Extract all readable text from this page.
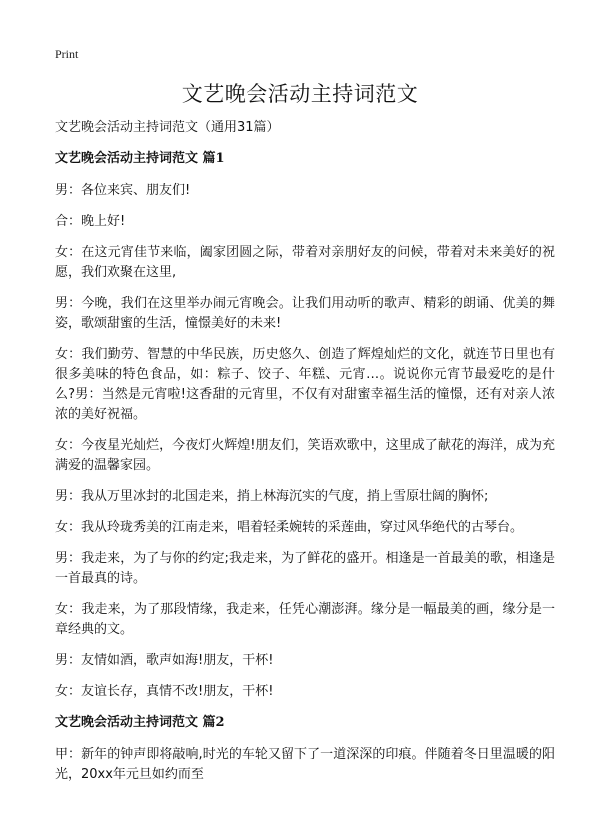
Print
文艺晚会活动主持词范文

文艺晚会活动主持词范文（通用31篇）

文艺晚会活动主持词范文 篇1

男：各位来宾、朋友们!

合：晚上好!

女：在这元宵佳节来临，阖家团圆之际，带着对亲朋好友的问候，带着对未来美好的祝愿，我们欢聚在这里,

男：今晚，我们在这里举办闹元宵晚会。让我们用动听的歌声、精彩的朗诵、优美的舞姿，歌颂甜蜜的生活，憧憬美好的未来!

女：我们勤劳、智慧的中华民族，历史悠久、创造了辉煌灿烂的文化，就连节日里也有很多美味的特色食品，如：粽子、饺子、年糕、元宵…。说说你元宵节最爱吃的是什么?男：当然是元宵啦!这香甜的元宵里，不仅有对甜蜜幸福生活的憧憬，还有对亲人浓浓的美好祝福。

女：今夜星光灿烂，今夜灯火辉煌!朋友们，笑语欢歌中，这里成了献花的海洋，成为充满爱的温馨家园。

男：我从万里冰封的北国走来，捎上林海沉实的气度，捎上雪原壮阔的胸怀;

女：我从玲珑秀美的江南走来，唱着轻柔婉转的采莲曲，穿过风华绝代的古琴台。

男：我走来，为了与你的约定;我走来，为了鲜花的盛开。相逢是一首最美的歌，相逢是一首最真的诗。

女：我走来，为了那段情缘，我走来，任凭心潮澎湃。缘分是一幅最美的画，缘分是一章经典的文。

男：友情如酒，歌声如海!朋友，干杯!

女：友谊长存，真情不改!朋友，干杯!

文艺晚会活动主持词范文 篇2

甲：新年的钟声即将敲响,时光的车轮又留下了一道深深的印痕。伴随着冬日里温暖的阳光，20xx年元旦如约而至
